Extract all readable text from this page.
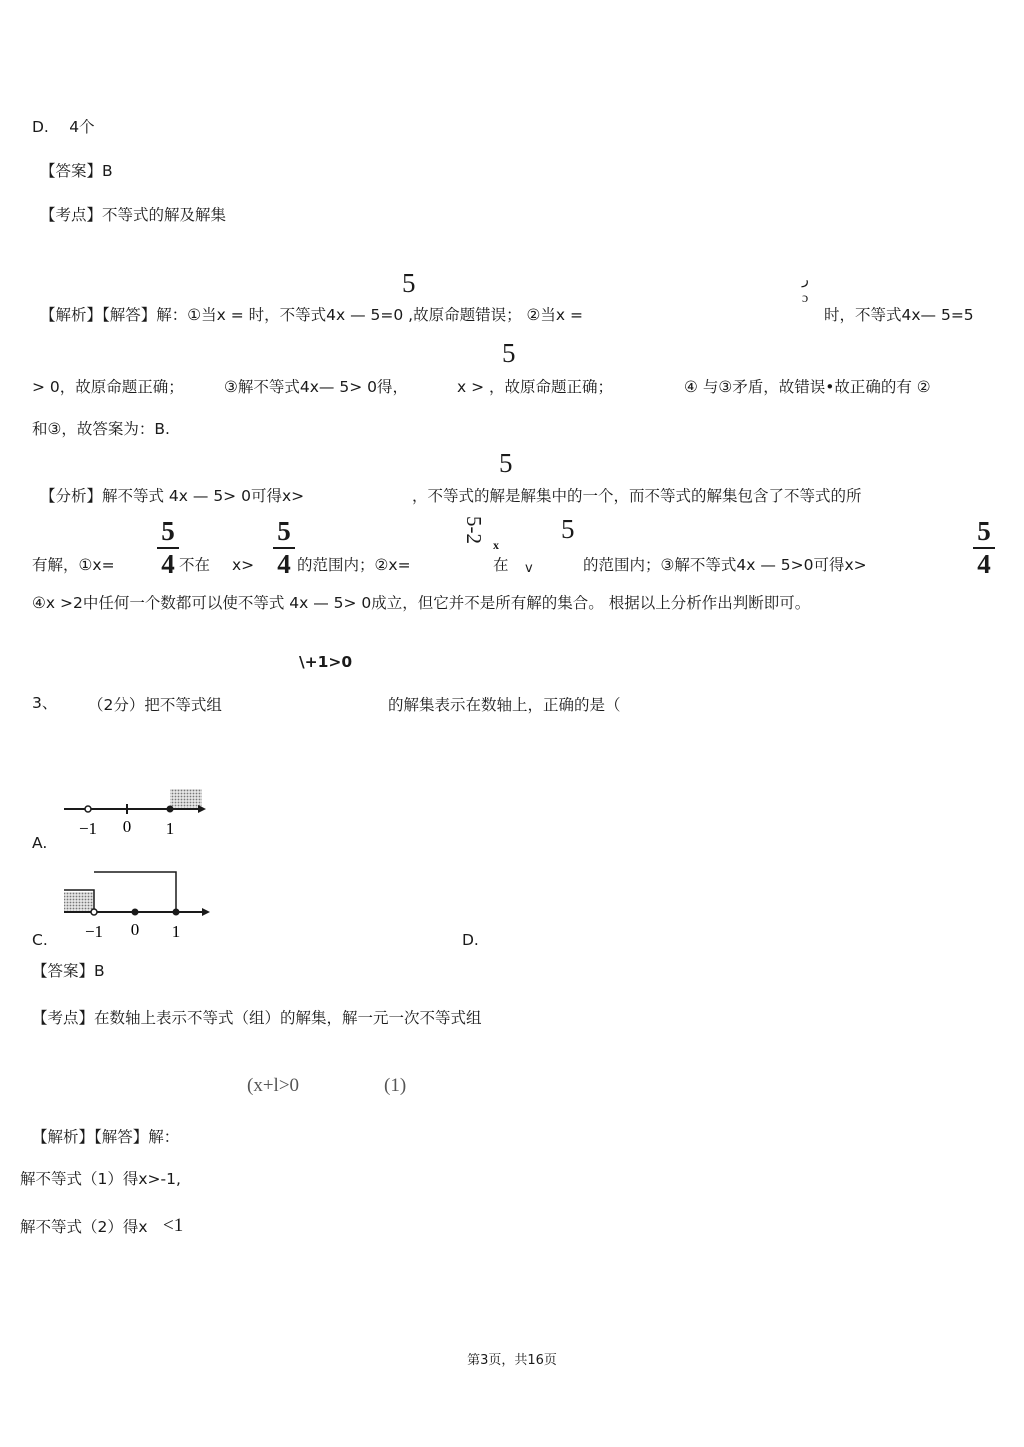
D.　 4个
【答案】B
【考点】不等式的解及解集
5
【解析】【解答】解：①当x = 时，不等式4x — 5=0 ,故原命题错误； ②当x =
ر
ɔ
时，不等式4x— 5=5
5
> 0，故原命题正确；	③解不等式4x— 5> 0得，	x > ，故原命题正确；	④ 与③矛盾，故错误•故正确的有 ②
和③，故答案为：B.
5
【分析】解不等式 4x — 5> 0可得x>	，不等式的解是解集中的一个，而不等式的解集包含了不等式的所
有解，①x=
5
4 不在 x>
5
4 的范围内；②x=
5-2
x
在 v
5
的范围内；③解不等式4x — 5>0可得x>
5
4
④x >2中任何一个数都可以使不等式 4x — 5> 0成立，但它并不是所有解的集合。 根据以上分析作出判断即可。
\+1>0
3、 （2分）把不等式组	的解集表示在数轴上，正确的是（
−1 0 1
A.
−1 0 1
C.	D.
【答案】B
【考点】在数轴上表示不等式（组）的解集，解一元一次不等式组
(x+l>0	(1)
【解析】【解答】解：
解不等式（1）得x>-1,
解不等式（2）得x <1
第3页，共16页
